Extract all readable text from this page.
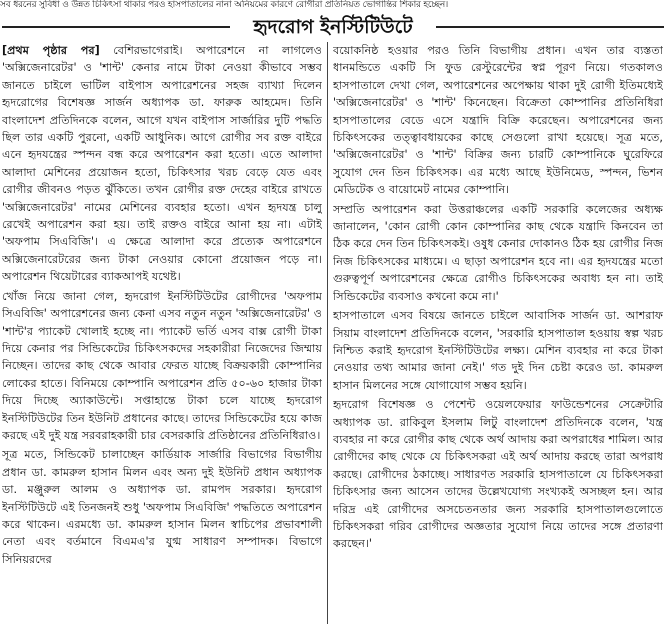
সব ধরনের সুবিধা ও উন্নত চিকিৎসা থাকার পরও হাসপাতালের নানা অনিয়মের কারণে রোগীরা প্রতিনিয়ত ভোগান্তির শিকার হচ্ছেন।
হৃদরোগ ইনস্টিটিউটে

[প্রথম পৃষ্ঠার পর] বেশিরভাগেরাই। অপারেশনে না লাগলেও 'অক্সিজেনারেটর' ও 'শান্ট' কেনার নামে টাকা নেওয়া কীভাবে সম্ভব জানতে চাইলে ভাটিল বাইপাস অপারেশনের সহজ ব্যাখ্যা দিলেন হৃদরোগের বিশেষজ্ঞ সার্জন অধ্যাপক ডা. ফারুক আহমেদ। তিনি বাংলাদেশ প্রতিদিনকে বলেন, আগে যখন বাইপাস সার্জারির দুটি পদ্ধতি ছিল তার একটি পুরনো, একটি আধুনিক। আগে রোগীর সব রক্ত বাইরে এনে হৃদযন্ত্রের স্পন্দন বন্ধ করে অপারেশন করা হতো। এতে আলাদা আলাদা মেশিনের প্রয়োজন হতো, চিকিৎসার খরচ বেড়ে যেত এবং রোগীর জীবনও পড়ত ঝুঁকিতে। তখন রোগীর রক্ত দেহের বাইরে রাখতে 'অক্সিজেনারেটর' নামের মেশিনের ব্যবহার হতো। এখন হৃদযন্ত্র চালু রেখেই অপারেশন করা হয়। তাই রক্তও বাইরে আনা হয় না। এটাই 'অফপাম সিএবিজি'। এ ক্ষেত্রে আলাদা করে প্রত্যেক অপারেশনে অক্সিজেনারেটরের জন্য টাকা নেওয়ার কোনো প্রয়োজন পড়ে না। অপারেশন থিয়েটারের ব্যাকআপই যথেষ্ট।

খোঁজ নিয়ে জানা গেল, হৃদরোগ ইনস্টিটিউটের রোগীদের 'অফপাম সিএবিজি' অপারেশনের জন্য কেনা এসব নতুন নতুন 'অক্সিজেনারেটর' ও 'শান্ট'র প্যাকেট খোলাই হচ্ছে না। প্যাকেট ভর্তি এসব বাক্স রোগী টাকা দিয়ে কেনার পর সিন্ডিকেটের চিকিৎসকদের সহকারীরা নিজেদের জিম্মায় নিচ্ছেন। তাদের কাছ থেকে আবার ফেরত যাচ্ছে বিক্রয়কারী কোম্পানির লোকের হাতে। বিনিময়ে কোম্পানি অপারেশন প্রতি ৫০-৬০ হাজার টাকা দিয়ে দিচ্ছে অ্যাকাউন্টে। সপ্তাহান্তে টাকা চলে যাচ্ছে হৃদরোগ ইনস্টিটিউটের তিন ইউনিট প্রধানের কাছে। তাদের সিন্ডিকেটের হয়ে কাজ করছে এই দুই যন্ত্র সরবরাহকারী চার বেসরকারি প্রতিষ্ঠানের প্রতিনিধিরাও।

সূত্র মতে, সিন্ডিকেট চালাচ্ছেন কার্ডিয়াক সার্জারি বিভাগের বিভাগীয় প্রধান ডা. কামরুল হাসান মিলন এবং অন্য দুই ইউনিট প্রধান অধ্যাপক ডা. মঞ্জুরুল আলম ও অধ্যাপক ডা. রামপদ সরকার। হৃদরোগ ইনস্টিটিউটে এই তিনজনই শুধু 'অফপাম সিএবিজি' পদ্ধতিতে অপারেশন করে থাকেন। এরমধ্যে ডা. কামরুল হাসান মিলন স্বাচিপের প্রভাবশালী নেতা এবং বর্তমানে বিএমএ'র যুগ্ম সাধারণ সম্পাদক। বিভাগে সিনিয়রদের

বয়োকনিষ্ঠ হওয়ার পরও তিনি বিভাগীয় প্রধান। এখন তার ব্যস্ততা ধানমন্ডিতে একটি সি ফুড রেস্টুরেন্টের স্বপ্ন পূরণ নিয়ে। গতকালও হাসপাতালে দেখা গেল, অপারেশনের অপেক্ষায় থাকা দুই রোগী ইতিমধ্যেই 'অক্সিজেনারেটর' ও 'শান্ট' কিনেছেন। বিক্রেতা কোম্পানির প্রতিনিধিরা হাসপাতালের বেডে এসে যন্ত্রাদি বিক্রি করেছেন। অপারেশনের জন্য চিকিৎসকের তত্ত্বাবধায়কের কাছে সেগুলো রাখা হয়েছে। সূত্র মতে, 'অক্সিজেনারেটর' ও 'শান্ট' বিক্রির জন্য চারটি কোম্পানিকে ঘুরেফিরে সুযোগ দেন তিন চিকিৎসক। এর মধ্যে আছে ইউনিমেড, স্পন্দন, ভিশন মেডিটেক ও বায়োমেট নামের কোম্পানি।

সম্প্রতি অপারেশন করা উত্তরাঞ্চলের একটি সরকারি কলেজের অধ্যক্ষ জানালেন, 'কোন রোগী কোন কোম্পানির কাছ থেকে যন্ত্রাদি কিনবেন তা ঠিক করে দেন তিন চিকিৎসকই। ওষুধ কেনার দোকানও ঠিক হয় রোগীর নিজ নিজ চিকিৎসকের মাধ্যমে। এ ছাড়া অপারেশন হবে না। এর হৃদযন্ত্রের মতো গুরুত্বপূর্ণ অপারেশনের ক্ষেত্রে রোগীও চিকিৎসকের অবাধ্য হন না। তাই সিন্ডিকেটের ব্যবসাও কখনো কমে না।'

হাসপাতালে এসব বিষয়ে জানতে চাইলে আবাসিক সার্জন ডা. আশরাফ সিয়াম বাংলাদেশ প্রতিদিনকে বলেন, 'সরকারি হাসপাতাল হওয়ায় স্বল্প খরচ নিশ্চিত করাই হৃদরোগ ইনস্টিটিউটের লক্ষ্য। মেশিন ব্যবহার না করে টাকা নেওয়ার তথ্য আমার জানা নেই।' গত দুই দিন চেষ্টা করেও ডা. কামরুল হাসান মিলনের সঙ্গে যোগাযোগ সম্ভব হয়নি।

হৃদরোগ বিশেষজ্ঞ ও পেশেন্ট ওয়েলফেয়ার ফাউন্ডেশনের সেক্রেটারি অধ্যাপক ডা. রাকিবুল ইসলাম লিটু বাংলাদেশ প্রতিদিনকে বলেন, 'যন্ত্র ব্যবহার না করে রোগীর কাছ থেকে অর্থ আদায় করা অপরাধের শামিল। আর রোগীদের কাছ থেকে যে চিকিৎসকরা এই অর্থ আদায় করছে তারা অপরাধ করছে। রোগীদের ঠকাচ্ছে। সাধারণত সরকারি হাসপাতালে যে চিকিৎসকরা চিকিৎসার জন্য আসেন তাদের উল্লেখযোগ্য সংখ্যকই অসচ্ছল হন। আর দরিদ্র এই রোগীদের অসচেতনতার জন্য সরকারি হাসপাতালগুলোতে চিকিৎসকরা গরিব রোগীদের অজ্ঞতার সুযোগ নিয়ে তাদের সঙ্গে প্রতারণা করছেন।'
